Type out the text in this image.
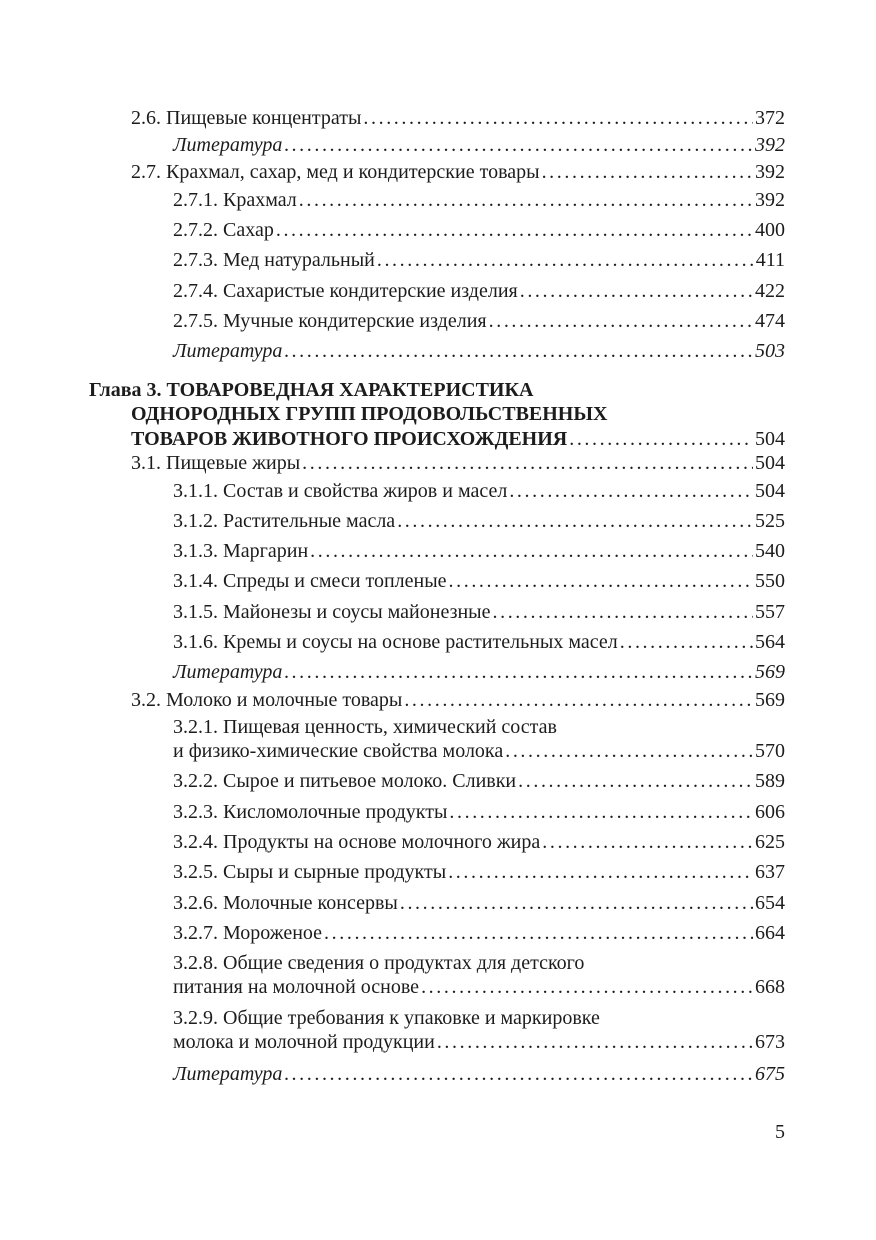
2.6. Пищевые концентраты . . .	372
Литература . . .	392
2.7. Крахмал, сахар, мед и кондитерские товары . . .	392
2.7.1. Крахмал . . .	392
2.7.2. Сахар . . .	400
2.7.3. Мед натуральный . . .	411
2.7.4. Сахаристые кондитерские изделия . . .	422
2.7.5. Мучные кондитерские изделия . . .	474
Литература . . .	503
Глава 3. ТОВАРОВЕДНАЯ ХАРАКТЕРИСТИКА
ОДНОРОДНЫХ ГРУПП ПРОДОВОЛЬСТВЕННЫХ
ТОВАРОВ ЖИВОТНОГО ПРОИСХОЖДЕНИЯ . . .	504
3.1. Пищевые жиры . . .	504
3.1.1. Состав и свойства жиров и масел . . .	504
3.1.2. Растительные масла . . .	525
3.1.3. Маргарин . . .	540
3.1.4. Спреды и смеси топленые . . .	550
3.1.5. Майонезы и соусы майонезные . . .	557
3.1.6. Кремы и соусы на основе растительных масел . . .	564
Литература . . .	569
3.2. Молоко и молочные товары . . .	569
3.2.1. Пищевая ценность, химический состав
и физико-химические свойства молока . . .	570
3.2.2. Сырое и питьевое молоко. Сливки . . .	589
3.2.3. Кисломолочные продукты . . .	606
3.2.4. Продукты на основе молочного жира . . .	625
3.2.5. Сыры и сырные продукты . . .	637
3.2.6. Молочные консервы . . .	654
3.2.7. Мороженое . . .	664
3.2.8. Общие сведения о продуктах для детского
питания на молочной основе . . .	668
3.2.9. Общие требования к упаковке и маркировке
молока и молочной продукции . . .	673
Литература . . .	675
5
